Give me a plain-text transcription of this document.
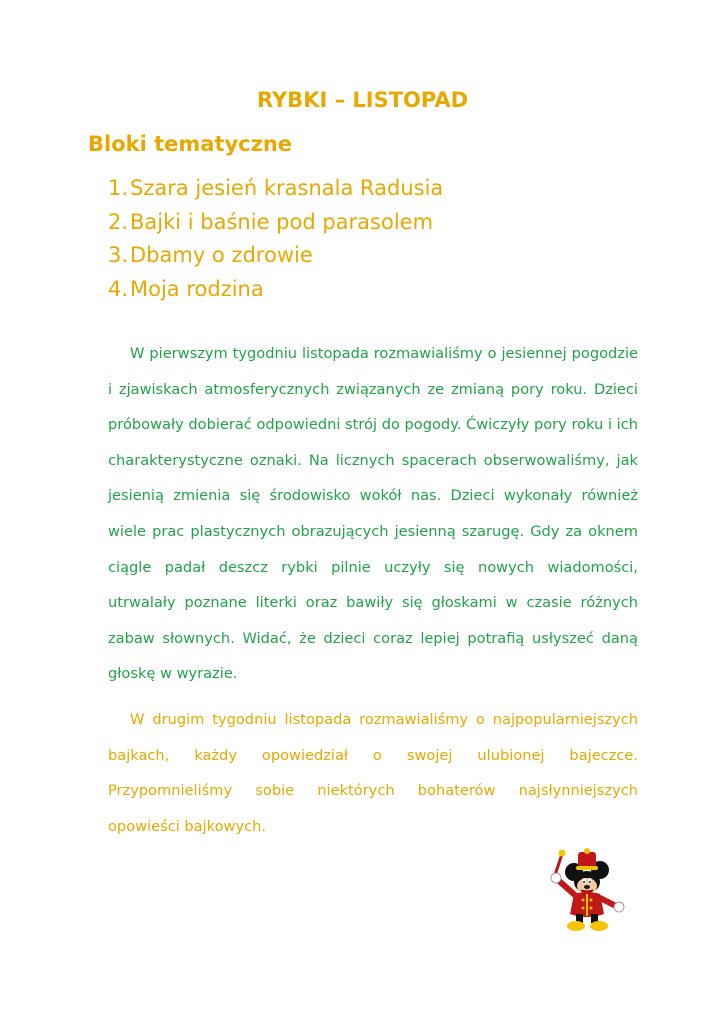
RYBKI – LISTOPAD
Bloki tematyczne
1.Szara jesień krasnala Radusia
2.Bajki i baśnie pod parasolem
3.Dbamy o zdrowie
4.Moja rodzina

W pierwszym tygodniu listopada rozmawialiśmy o jesiennej pogodzie i zjawiskach atmosferycznych związanych ze zmianą pory roku. Dzieci próbowały dobierać odpowiedni strój do pogody. Ćwiczyły pory roku i ich charakterystyczne oznaki. Na licznych spacerach obserwowaliśmy, jak jesienią zmienia się środowisko wokół nas. Dzieci wykonały również wiele prac plastycznych obrazujących jesienną szarugę. Gdy za oknem ciągle padał deszcz rybki pilnie uczyły się nowych wiadomości, utrwalały poznane literki oraz bawiły się głoskami w czasie różnych zabaw słownych. Widać, że dzieci coraz lepiej potrafią usłyszeć daną głoskę w wyrazie.

W drugim tygodniu listopada rozmawialiśmy o najpopularniejszych bajkach, każdy opowiedział o swojej ulubionej bajeczce. Przypomnieliśmy sobie niektórych bohaterów najsłynniejszych opowieści bajkowych.
